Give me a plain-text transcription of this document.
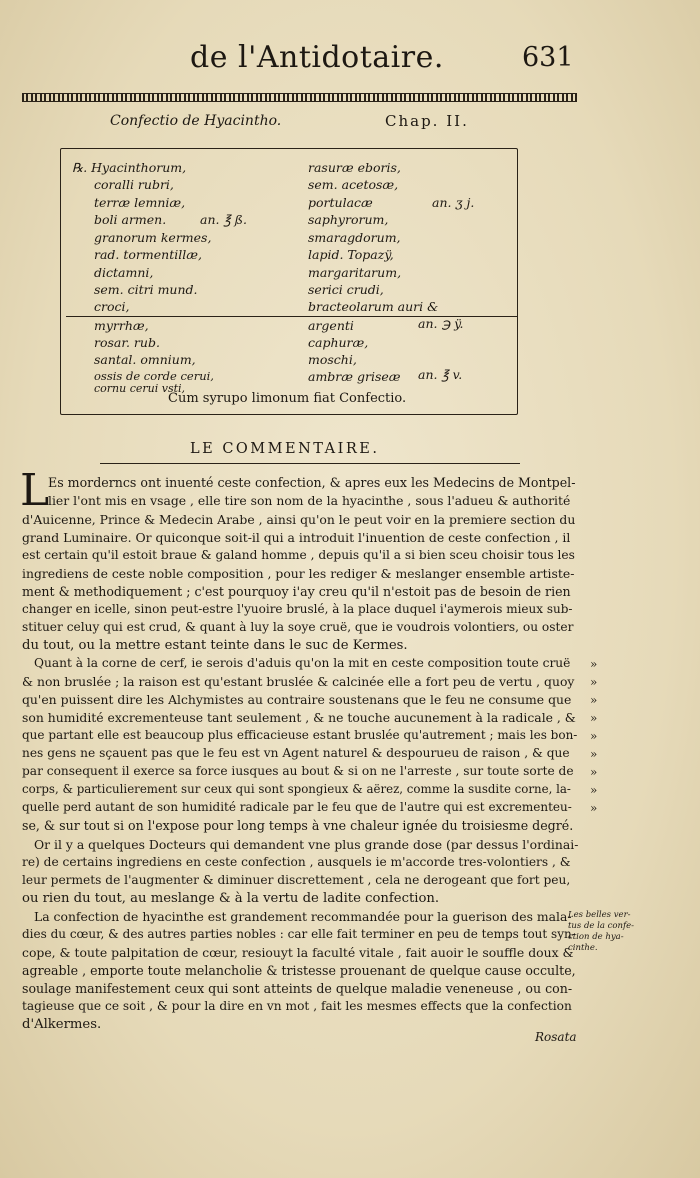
de l'Antidotaire.	631
Confectio de Hyacintho.	Chap. II.
℞. Hyacinthorum,
coralli rubri,
terræ lemniæ,
boli armen.
granorum kermes,
rad. tormentillæ,
dictamni,
sem. citri mund.
croci,
myrrhæ,
rosar. rub.
santal. omnium,
ossis de corde cerui,
cornu cerui vsti,
rasuræ eboris,
sem. acetosæ,
portulacæ
saphyrorum,
smaragdorum,
lapid. Topazÿ,
margaritarum,
serici crudi,
bracteolarum auri &
argenti
caphuræ,
moschi,
ambræ griseæ
an. ℥ ß.
an. ʒ j.
an. ℈ ÿ.
an. ℥ v.
Cum syrupo limonum fiat Confectio.
LE COMMENTAIRE.
L
Es morderncs ont inuenté ceste confection, & apres eux les Medecins de Montpel-
lier l'ont mis en vsage , elle tire son nom de la hyacinthe , sous l'adueu & authorité
d'Auicenne, Prince & Medecin Arabe , ainsi qu'on le peut voir en la premiere section du
grand Luminaire. Or quiconque soit-il qui a introduit l'inuention de ceste confection , il
est certain qu'il estoit braue & galand homme , depuis qu'il a si bien sceu choisir tous les
ingrediens de ceste noble composition , pour les rediger & meslanger ensemble artiste-
ment & methodiquement ; c'est pourquoy i'ay creu qu'il n'estoit pas de besoin de rien
changer en icelle, sinon peut-estre l'yuoire bruslé, à la place duquel i'aymerois mieux sub-
stituer celuy qui est crud, & quant à luy la soye cruë, que ie voudrois volontiers, ou oster
du tout, ou la mettre estant teinte dans le suc de Kermes.
Quant à la corne de cerf, ie serois d'aduis qu'on la mit en ceste composition toute cruë
& non bruslée ; la raison est qu'estant bruslée & calcinée elle a fort peu de vertu , quoy
qu'en puissent dire les Alchymistes au contraire soustenans que le feu ne consume que
son humidité excrementeuse tant seulement , & ne touche aucunement à la radicale , &
que partant elle est beaucoup plus efficacieuse estant bruslée qu'autrement ; mais les bon-
nes gens ne sçauent pas que le feu est vn Agent naturel & despourueu de raison , & que
par consequent il exerce sa force iusques au bout & si on ne l'arreste , sur toute sorte de
corps, & particulierement sur ceux qui sont spongieux & aërez, comme la susdite corne, la-
quelle perd autant de son humidité radicale par le feu que de l'autre qui est excrementeu-
se, & sur tout si on l'expose pour long temps à vne chaleur ignée du troisiesme degré.
Or il y a quelques Docteurs qui demandent vne plus grande dose (par dessus l'ordinai-
re) de certains ingrediens en ceste confection , ausquels ie m'accorde tres-volontiers , &
leur permets de l'augmenter & diminuer discrettement , cela ne derogeant que fort peu,
ou rien du tout, au meslange & à la vertu de ladite confection.
La confection de hyacinthe est grandement recommandée pour la guerison des mala-
dies du cœur, & des autres parties nobles : car elle fait terminer en peu de temps tout syn-
cope, & toute palpitation de cœur, resiouyt la faculté vitale , fait auoir le souffle doux &
agreable , emporte toute melancholie & tristesse prouenant de quelque cause occulte,
soulage manifestement ceux qui sont atteints de quelque maladie veneneuse , ou con-
tagieuse que ce soit , & pour la dire en vn mot , fait les mesmes effects que la confection
d'Alkermes.
»
»
»
»
»
»
»
»
»
Les belles ver-
tus de la confe-
ction de hya-
cinthe.
Rosata
